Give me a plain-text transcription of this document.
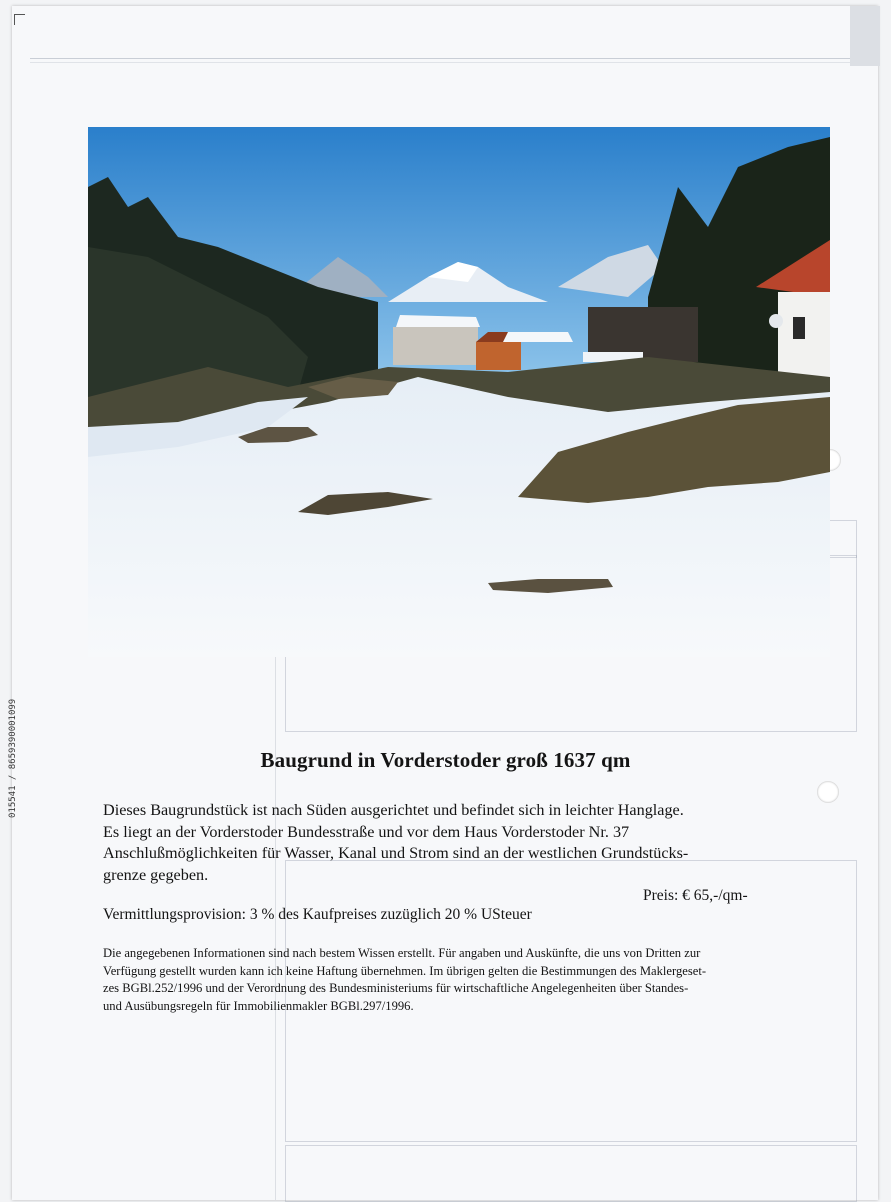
015541 / 8659390001099	Baugrund in Vorderstoder groß 1637 qm
Dieses Baugrundstück ist nach Süden ausgerichtet und befindet sich in leichter Hanglage.
Es liegt an der Vorderstoder Bundesstraße und vor dem Haus Vorderstoder Nr. 37
Anschlußmöglichkeiten für Wasser, Kanal und Strom sind an der westlichen Grundstücks-
grenze gegeben.
Preis: € 65,-/qm-
Vermittlungsprovision: 3 % des Kaufpreises zuzüglich 20 % USteuer
Die angegebenen Informationen sind nach bestem Wissen erstellt. Für angaben und Auskünfte, die uns von Dritten zur
Verfügung gestellt wurden kann ich keine Haftung übernehmen. Im übrigen gelten die Bestimmungen des Maklergeset-
zes BGBl.252/1996 und der Verordnung des Bundesministeriums für wirtschaftliche Angelegenheiten über Standes-
und Ausübungsregeln für Immobilienmakler BGBl.297/1996.
